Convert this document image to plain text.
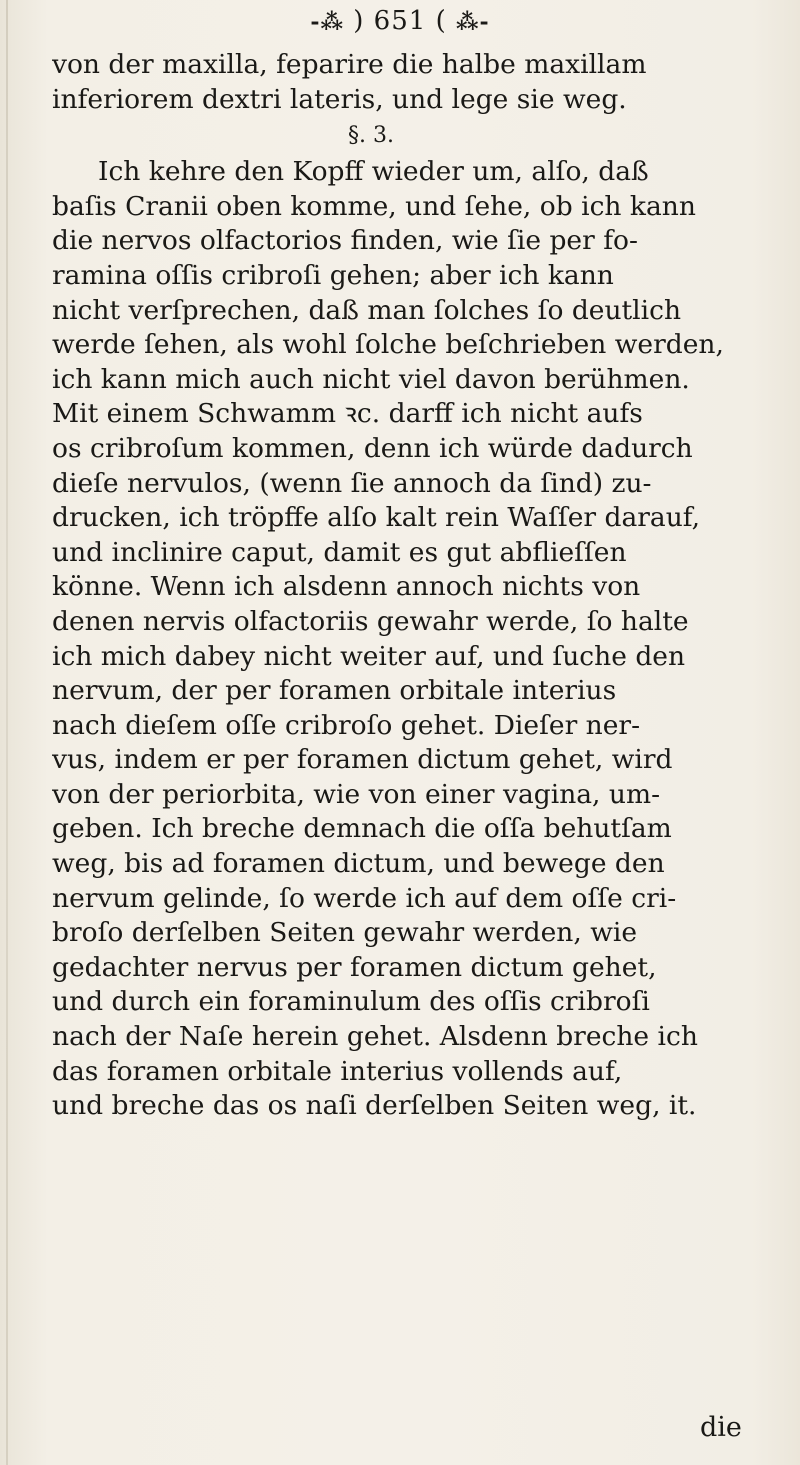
-⁂ ) 651 ( ⁂-
von der maxilla, feparire die halbe maxillam
inferiorem dextri lateris, und lege sie weg.
§. 3.
Ich kehre den Kopff wieder um, alſo, daß
baſis Cranii oben komme, und ſehe, ob ich kann
die nervos olfactorios finden, wie ſie per fo-
ramina oſſis cribroſi gehen; aber ich kann
nicht verſprechen, daß man ſolches ſo deutlich
werde ſehen, als wohl ſolche beſchrieben werden,
ich kann mich auch nicht viel davon berühmen.
Mit einem Schwamm ꝛc. darff ich nicht aufs
os cribroſum kommen, denn ich würde dadurch
dieſe nervulos, (wenn ſie annoch da ſind) zu-
drucken, ich tröpffe alſo kalt rein Waſſer darauf,
und inclinire caput, damit es gut abflieſſen
könne. Wenn ich alsdenn annoch nichts von
denen nervis olfactoriis gewahr werde, ſo halte
ich mich dabey nicht weiter auf, und ſuche den
nervum, der per foramen orbitale interius
nach dieſem oſſe cribroſo gehet. Dieſer ner-
vus, indem er per foramen dictum gehet, wird
von der periorbita, wie von einer vagina, um-
geben. Ich breche demnach die oſſa behutſam
weg, bis ad foramen dictum, und bewege den
nervum gelinde, ſo werde ich auf dem oſſe cri-
broſo derſelben Seiten gewahr werden, wie
gedachter nervus per foramen dictum gehet,
und durch ein foraminulum des oſſis cribroſi
nach der Naſe herein gehet. Alsdenn breche ich
das foramen orbitale interius vollends auf,
und breche das os naſi derſelben Seiten weg, it.
die
